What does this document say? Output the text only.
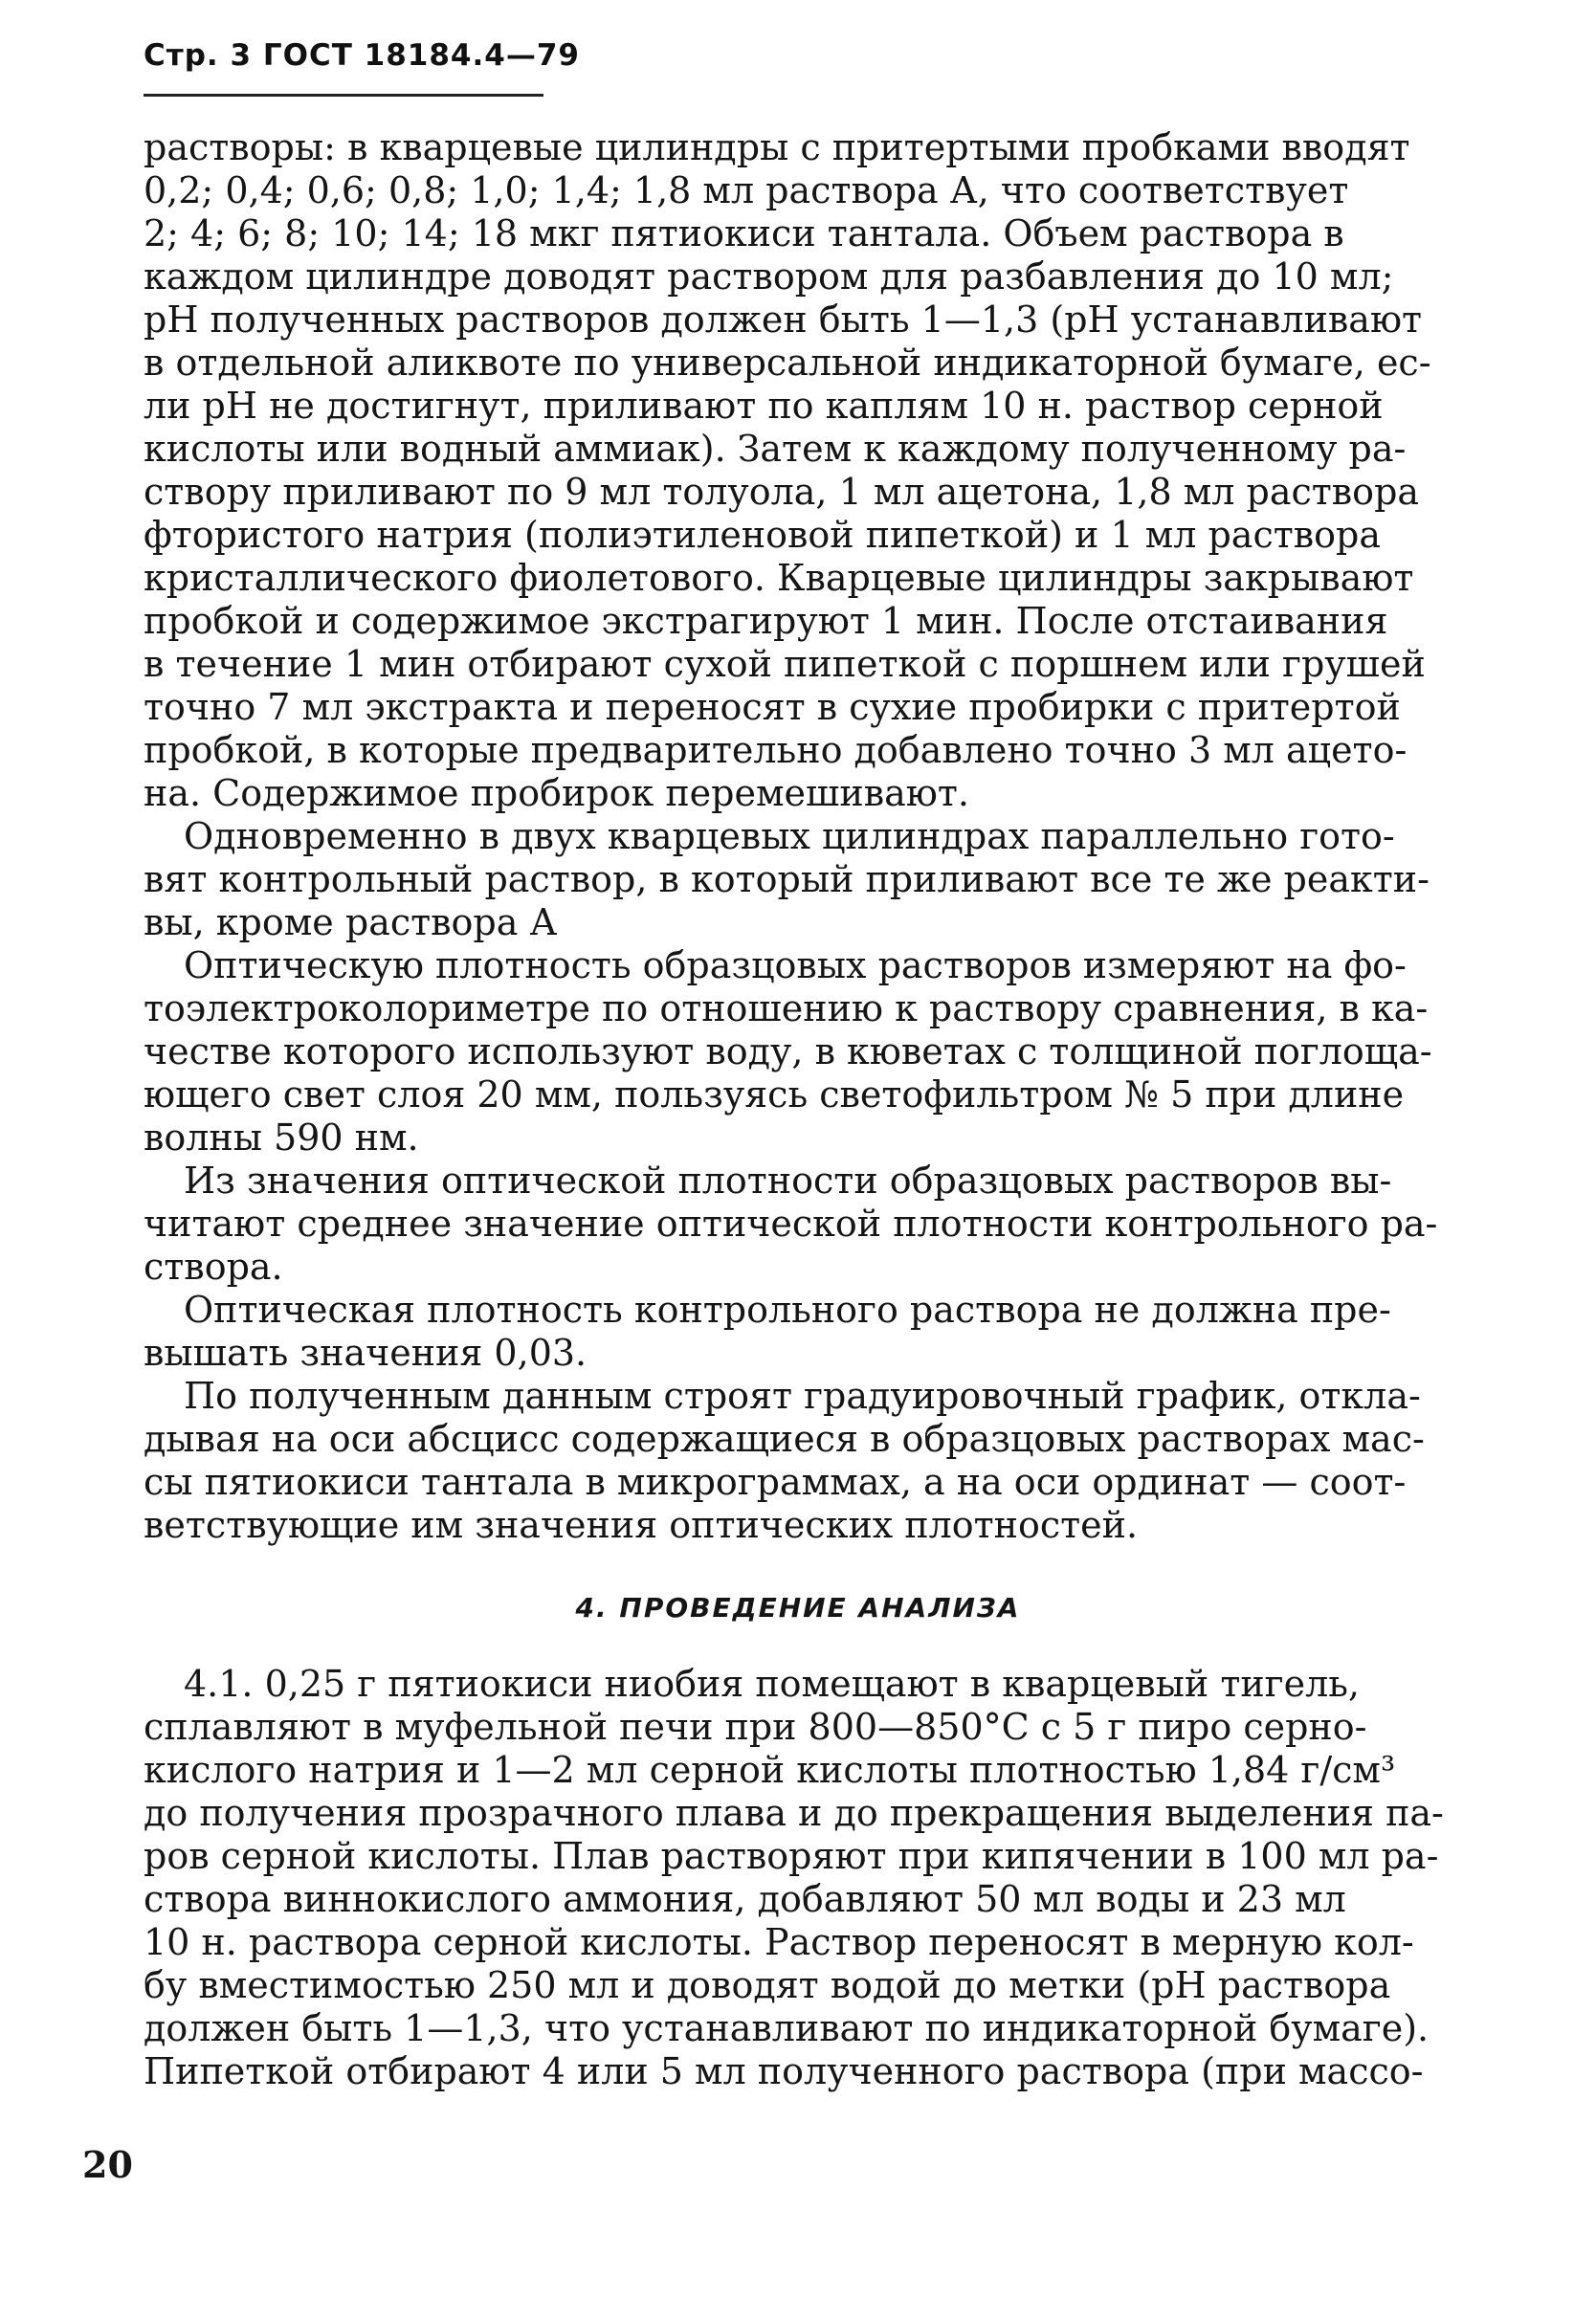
Стр. 3 ГОСТ 18184.4—79
растворы: в кварцевые цилиндры с притертыми пробками вводят
0,2; 0,4; 0,6; 0,8; 1,0; 1,4; 1,8 мл раствора А, что соответствует
2; 4; 6; 8; 10; 14; 18 мкг пятиокиси тантала. Объем раствора в
каждом цилиндре доводят раствором для разбавления до 10 мл;
pH полученных растворов должен быть 1—1,3 (pH устанавливают
в отдельной аликвоте по универсальной индикаторной бумаге, ес-
ли pH не достигнут, приливают по каплям 10 н. раствор серной
кислоты или водный аммиак). Затем к каждому полученному ра-
створу приливают по 9 мл толуола, 1 мл ацетона, 1,8 мл раствора
фтористого натрия (полиэтиленовой пипеткой) и 1 мл раствора
кристаллического фиолетового. Кварцевые цилиндры закрывают
пробкой и содержимое экстрагируют 1 мин. После отстаивания
в течение 1 мин отбирают сухой пипеткой с поршнем или грушей
точно 7 мл экстракта и переносят в сухие пробирки с притертой
пробкой, в которые предварительно добавлено точно 3 мл ацето-
на. Содержимое пробирок перемешивают.
Одновременно в двух кварцевых цилиндрах параллельно гото-
вят контрольный раствор, в который приливают все те же реакти-
вы, кроме раствора А
Оптическую плотность образцовых растворов измеряют на фо-
тоэлектроколориметре по отношению к раствору сравнения, в ка-
честве которого используют воду, в кюветах с толщиной поглоща-
ющего свет слоя 20 мм, пользуясь светофильтром № 5 при длине
волны 590 нм.
Из значения оптической плотности образцовых растворов вы-
читают среднее значение оптической плотности контрольного ра-
створа.
Оптическая плотность контрольного раствора не должна пре-
вышать значения 0,03.
По полученным данным строят градуировочный график, откла-
дывая на оси абсцисс содержащиеся в образцовых растворах мас-
сы пятиокиси тантала в микрограммах, а на оси ординат — соот-
ветствующие им значения оптических плотностей.
4. ПРОВЕДЕНИЕ АНАЛИЗА
4.1. 0,25 г пятиокиси ниобия помещают в кварцевый тигель,
сплавляют в муфельной печи при 800—850°С с 5 г пиро серно-
кислого натрия и 1—2 мл серной кислоты плотностью 1,84 г/см³
до получения прозрачного плава и до прекращения выделения па-
ров серной кислоты. Плав растворяют при кипячении в 100 мл ра-
створа виннокислого аммония, добавляют 50 мл воды и 23 мл
10 н. раствора серной кислоты. Раствор переносят в мерную кол-
бу вместимостью 250 мл и доводят водой до метки (pH раствора
должен быть 1—1,3, что устанавливают по индикаторной бумаге).
Пипеткой отбирают 4 или 5 мл полученного раствора (при массо-
20
